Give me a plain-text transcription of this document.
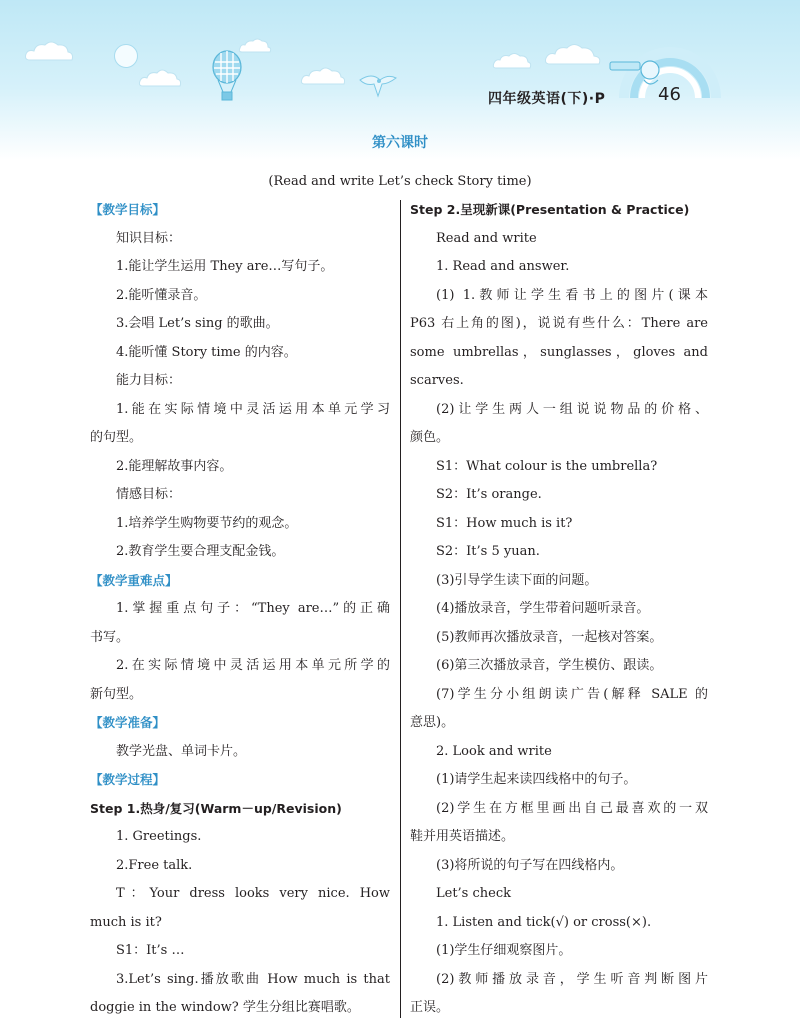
四年级英语(下)·P	46
第六课时
(Read and write Let’s check Story time)
【教学目标】
知识目标：
1.能让学生运用 They are…写句子。
2.能听懂录音。
3.会唱 Let’s sing 的歌曲。
4.能听懂 Story time 的内容。
能力目标：
1.能在实际情境中灵活运用本单元学习
的句型。
2.能理解故事内容。
情感目标：
1.培养学生购物要节约的观念。
2.教育学生要合理支配金钱。
【教学重难点】
1.掌握重点句子：“They are…”的正确
书写。
2.在实际情境中灵活运用本单元所学的
新句型。
【教学准备】
教学光盘、单词卡片。
【教学过程】
Step 1.热身/复习(Warm－up/Revision)
1. Greetings.
2.Free talk.
T：Your dress looks very nice. How
much is it?
S1：It’s …
3.Let’s sing.播放歌曲 How much is that
doggie in the window? 学生分组比赛唱歌。
Step 2.呈现新课(Presentation & Practice)
Read and write
1. Read and answer.
(1) 1.教师让学生看书上的图片(课本
P63 右上角的图)，说说有些什么：There are
some umbrellas，sunglasses，gloves and
scarves.
(2)让学生两人一组说说物品的价格、
颜色。
S1：What colour is the umbrella?
S2：It’s orange.
S1：How much is it?
S2：It’s 5 yuan.
(3)引导学生读下面的问题。
(4)播放录音，学生带着问题听录音。
(5)教师再次播放录音，一起核对答案。
(6)第三次播放录音，学生模仿、跟读。
(7)学生分小组朗读广告(解释 SALE 的
意思)。
2. Look and write
(1)请学生起来读四线格中的句子。
(2)学生在方框里画出自己最喜欢的一双
鞋并用英语描述。
(3)将所说的句子写在四线格内。
Let’s check
1. Listen and tick(√) or cross(×).
(1)学生仔细观察图片。
(2)教师播放录音，学生听音判断图片
正误。
